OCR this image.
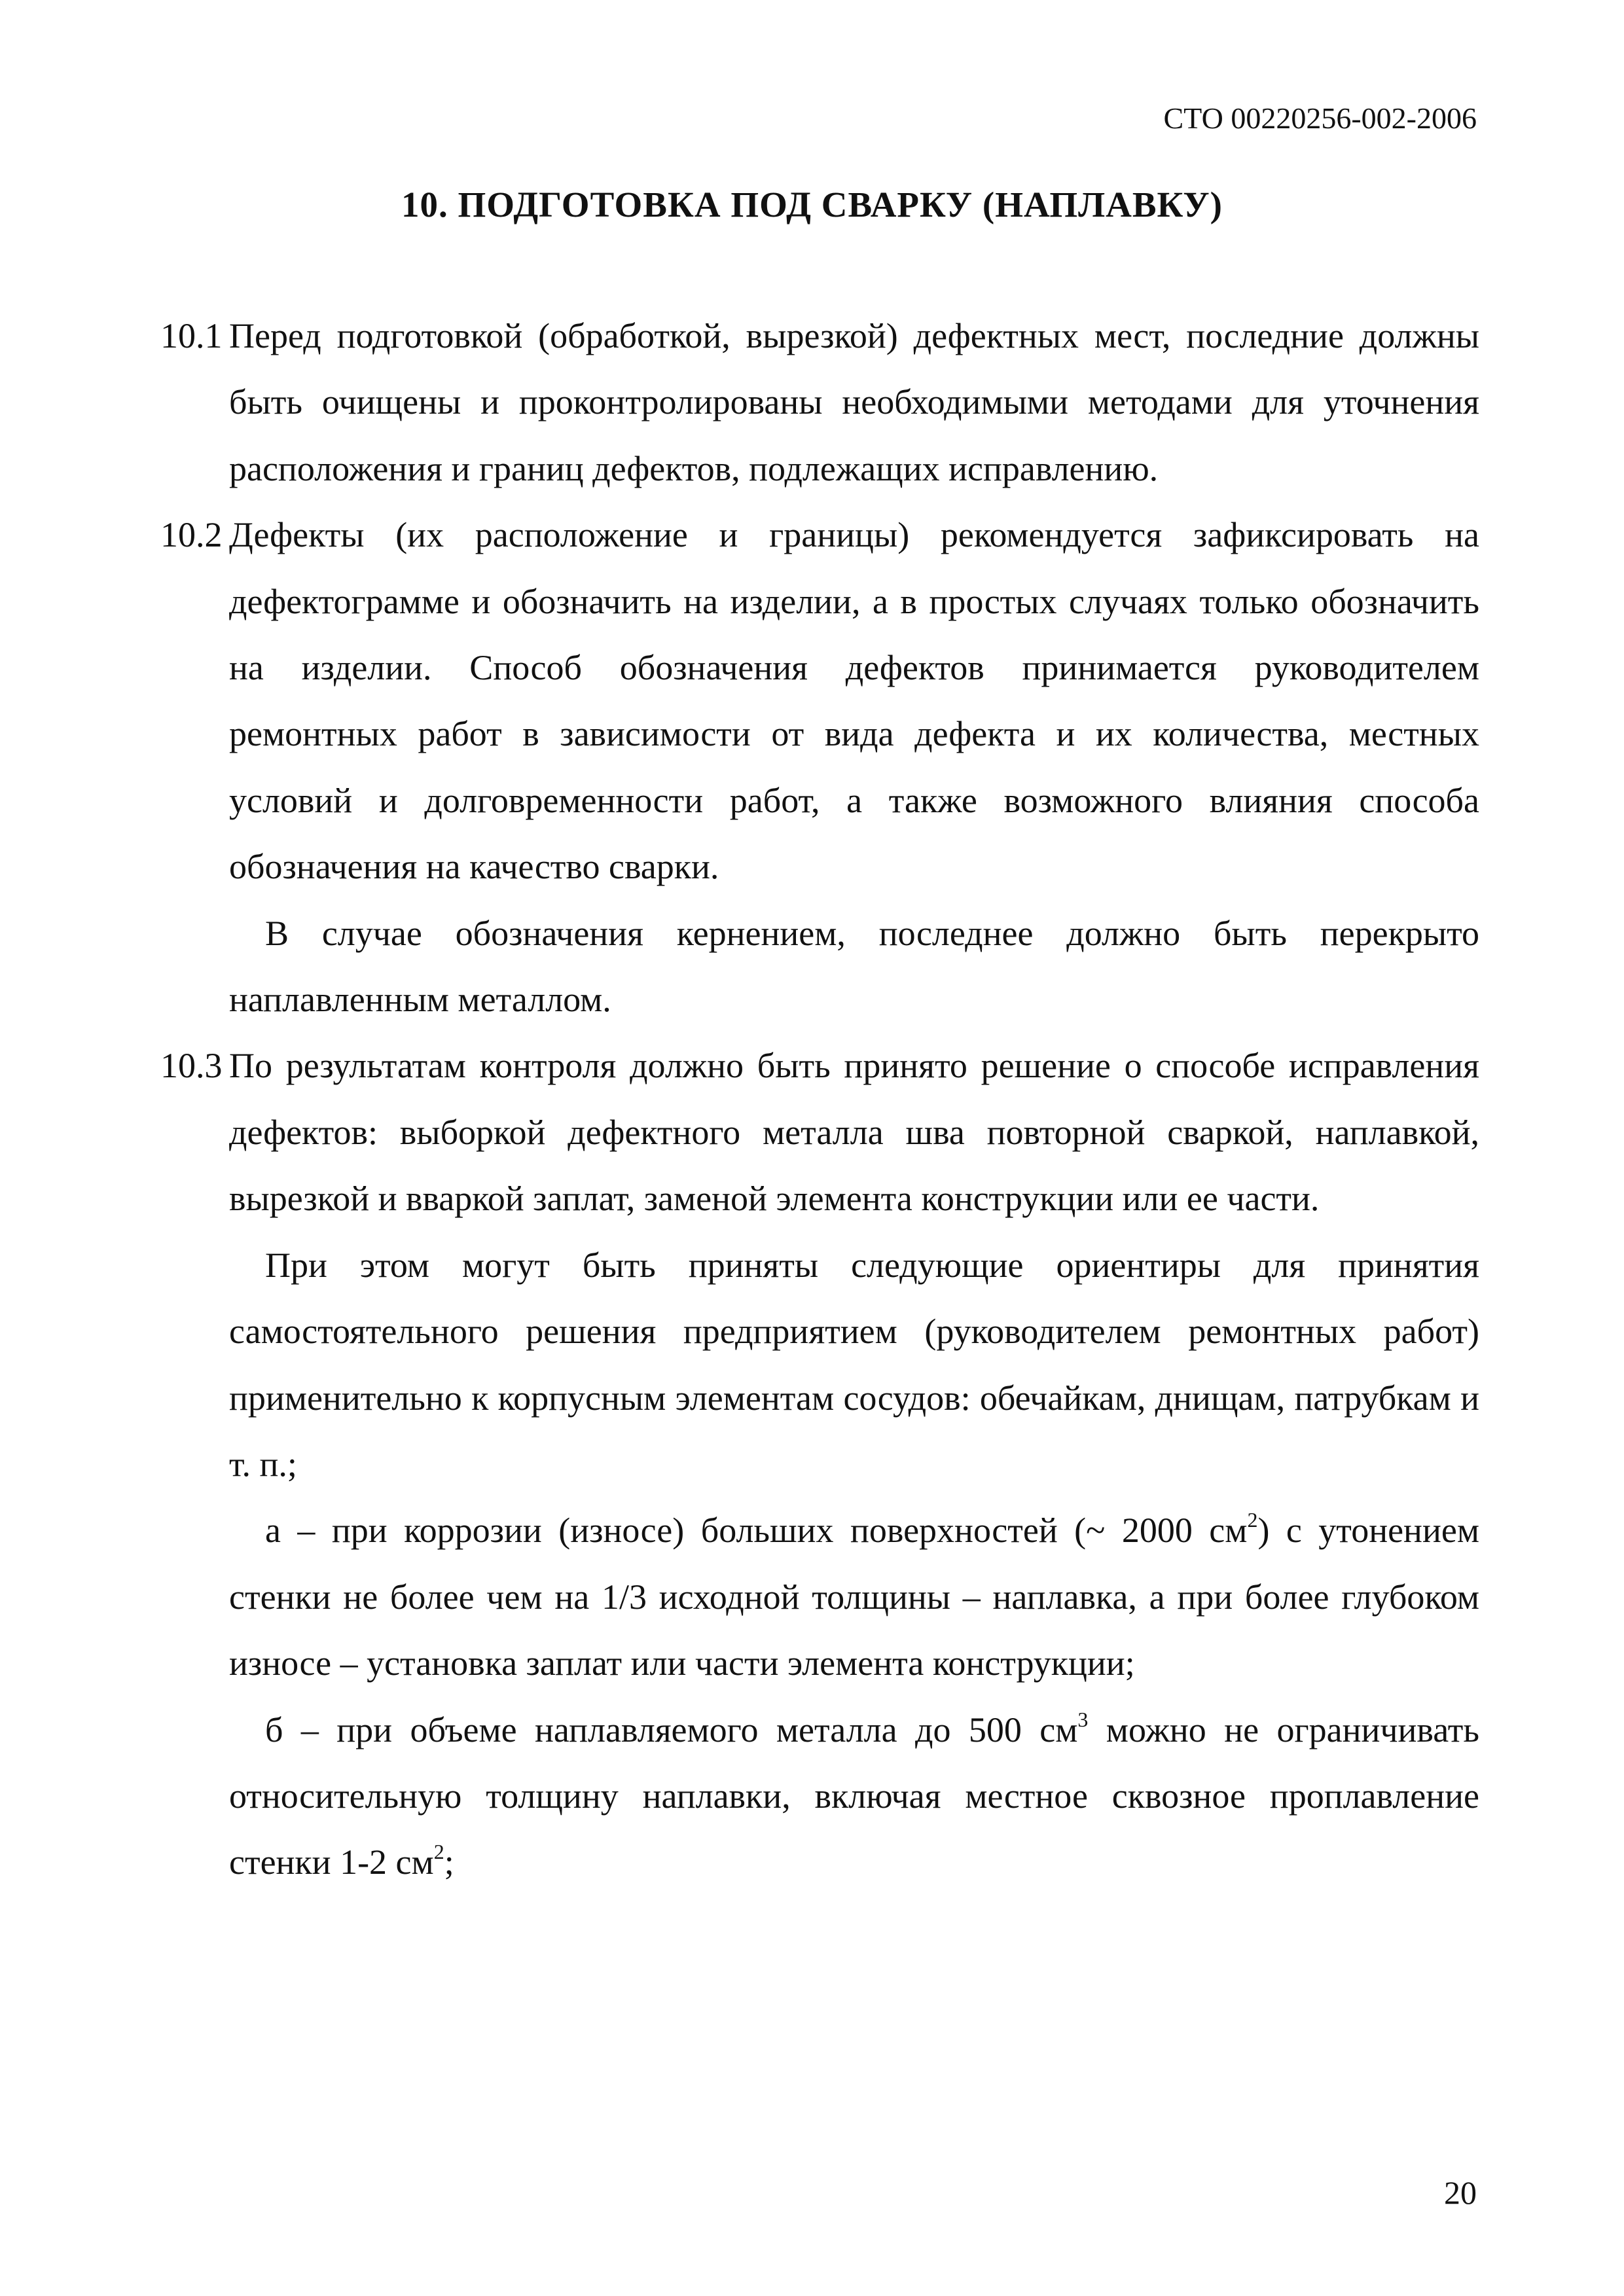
СТО 00220256-002-2006
10. ПОДГОТОВКА ПОД СВАРКУ (НАПЛАВКУ)
10.1 Перед подготовкой (обработкой, вырезкой) дефектных мест, последние должны быть очищены и проконтролированы необходимыми методами для уточнения расположения и границ дефектов, подлежащих исправлению.
10.2 Дефекты (их расположение и границы) рекомендуется зафиксировать на дефектограмме и обозначить на изделии, а в простых случаях только обозначить на изделии. Способ обозначения дефектов принимается руководителем ремонтных работ в зависимости от вида дефекта и их количества, местных условий и долговременности работ, а также возможного влияния способа обозначения на качество сварки.
В случае обозначения кернением, последнее должно быть перекрыто наплавленным металлом.
10.3 По результатам контроля должно быть принято решение о способе исправления дефектов: выборкой дефектного металла шва повторной сваркой, наплавкой, вырезкой и вваркой заплат, заменой элемента конструкции или ее части.
При этом могут быть приняты следующие ориентиры для принятия самостоятельного решения предприятием (руководителем ремонтных работ) применительно к корпусным элементам сосудов: обечайкам, днищам, патрубкам и т. п.;
а – при коррозии (износе) больших поверхностей (~ 2000 $см^2$) с утонением стенки не более чем на 1/3 исходной толщины – наплавка, а при более глубоком износе – установка заплат или части элемента конструкции;
б – при объеме наплавляемого металла до 500 $см^3$ можно не ограничивать относительную толщину наплавки, включая местное сквозное проплавление стенки 1-2 $см^2$;
20
